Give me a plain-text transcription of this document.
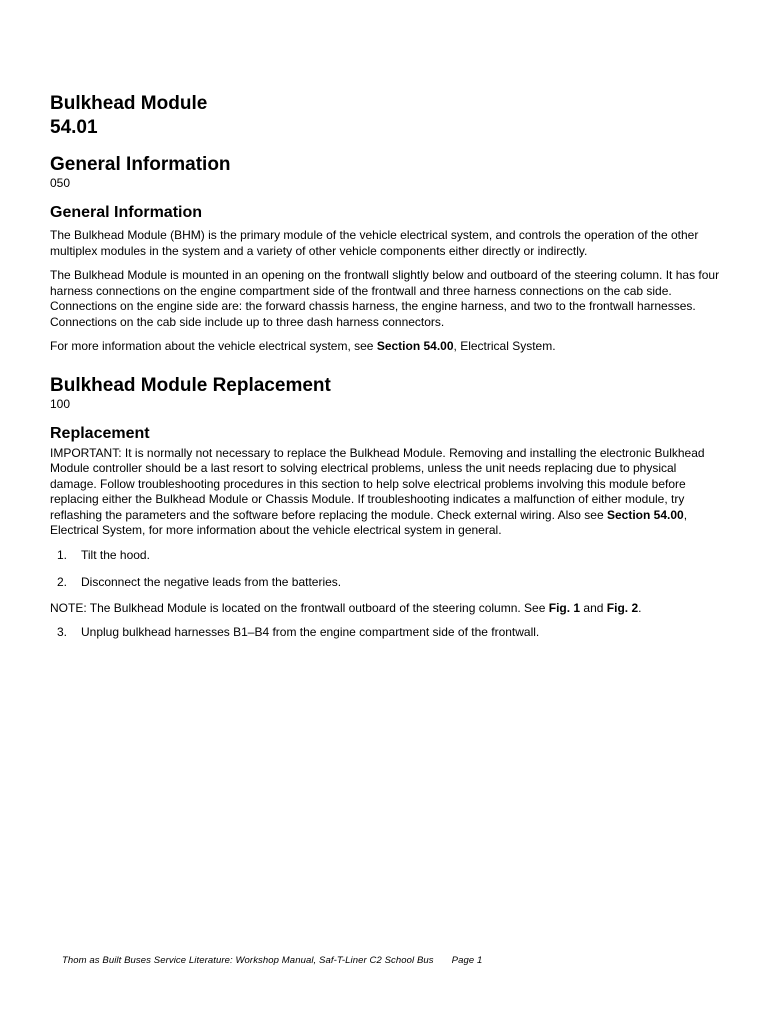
Bulkhead Module
54.01
General Information
050
General Information

The Bulkhead Module (BHM) is the primary module of the vehicle electrical system, and controls the operation of the other multiplex modules in the system and a variety of other vehicle components either directly or indirectly.

The Bulkhead Module is mounted in an opening on the frontwall slightly below and outboard of the steering column. It has four harness connections on the engine compartment side of the frontwall and three harness connections on the cab side. Connections on the engine side are: the forward chassis harness, the engine harness, and two to the frontwall harnesses. Connections on the cab side include up to three dash harness connectors.

For more information about the vehicle electrical system, see Section 54.00, Electrical System.

Bulkhead Module Replacement
100
Replacement

IMPORTANT: It is normally not necessary to replace the Bulkhead Module. Removing and installing the electronic Bulkhead Module controller should be a last resort to solving electrical problems, unless the unit needs replacing due to physical damage. Follow troubleshooting procedures in this section to help solve electrical problems involving this module before replacing either the Bulkhead Module or Chassis Module. If troubleshooting indicates a malfunction of either module, try reflashing the parameters and the software before replacing the module. Check external wiring. Also see Section 54.00, Electrical System, for more information about the vehicle electrical system in general.

1.	Tilt the hood.
2.	Disconnect the negative leads from the batteries.

NOTE: The Bulkhead Module is located on the frontwall outboard of the steering column. See Fig. 1 and Fig. 2.

3.	Unplug bulkhead harnesses B1–B4 from the engine compartment side of the frontwall.
Thom as Built Buses Service Literature: Workshop Manual, Saf-T-Liner C2 School Bus Page 1
